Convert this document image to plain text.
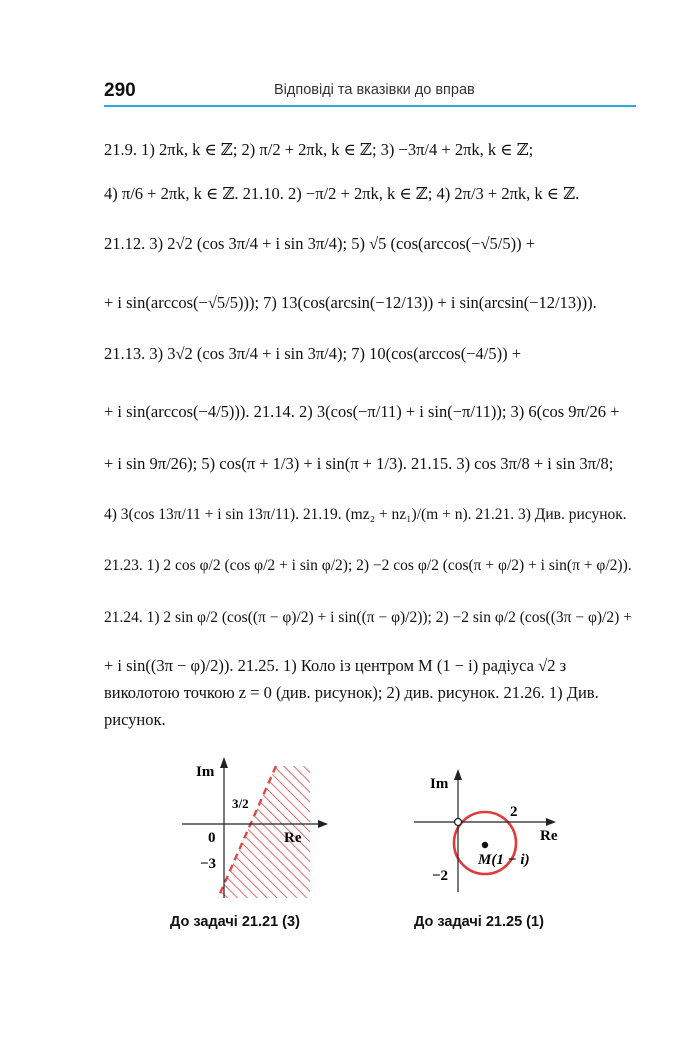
290	Відповіді та вказівки до вправ
21.9. 1) 2πk, k ∈ ℤ; 2) π/2 + 2πk, k ∈ ℤ; 3) −3π/4 + 2πk, k ∈ ℤ;
4) π/6 + 2πk, k ∈ ℤ. 21.10. 2) −π/2 + 2πk, k ∈ ℤ; 4) 2π/3 + 2πk, k ∈ ℤ.
21.12. 3) 2√2 (cos 3π/4 + i sin 3π/4); 5) √5 (cos(arccos(−√5/5)) +
+ i sin(arccos(−√5/5))); 7) 13(cos(arcsin(−12/13)) + i sin(arcsin(−12/13))).
21.13. 3) 3√2 (cos 3π/4 + i sin 3π/4); 7) 10(cos(arccos(−4/5)) +
+ i sin(arccos(−4/5))). 21.14. 2) 3(cos(−π/11) + i sin(−π/11)); 3) 6(cos 9π/26 +
+ i sin 9π/26); 5) cos(π + 1/3) + i sin(π + 1/3). 21.15. 3) cos 3π/8 + i sin 3π/8;
4) 3(cos 13π/11 + i sin 13π/11). 21.19. (mz₂ + nz₁)/(m + n). 21.21. 3) Див. рисунок.
21.23. 1) 2 cos φ/2 (cos φ/2 + i sin φ/2); 2) −2 cos φ/2 (cos(π + φ/2) + i sin(π + φ/2)).
21.24. 1) 2 sin φ/2 (cos((π − φ)/2) + i sin((π − φ)/2)); 2) −2 sin φ/2 (cos((3π − φ)/2) +
+ i sin((3π − φ)/2)). 21.25. 1) Коло із центром M (1 − i) радіуса √2 з виколотою точкою z = 0 (див. рисунок); 2) див. рисунок. 21.26. 1) Див. рисунок.
Im
Re
0
3/2
−3
До задачі 21.21 (3)
Im
Re
2
−2
M(1 − i)
До задачі 21.25 (1)
